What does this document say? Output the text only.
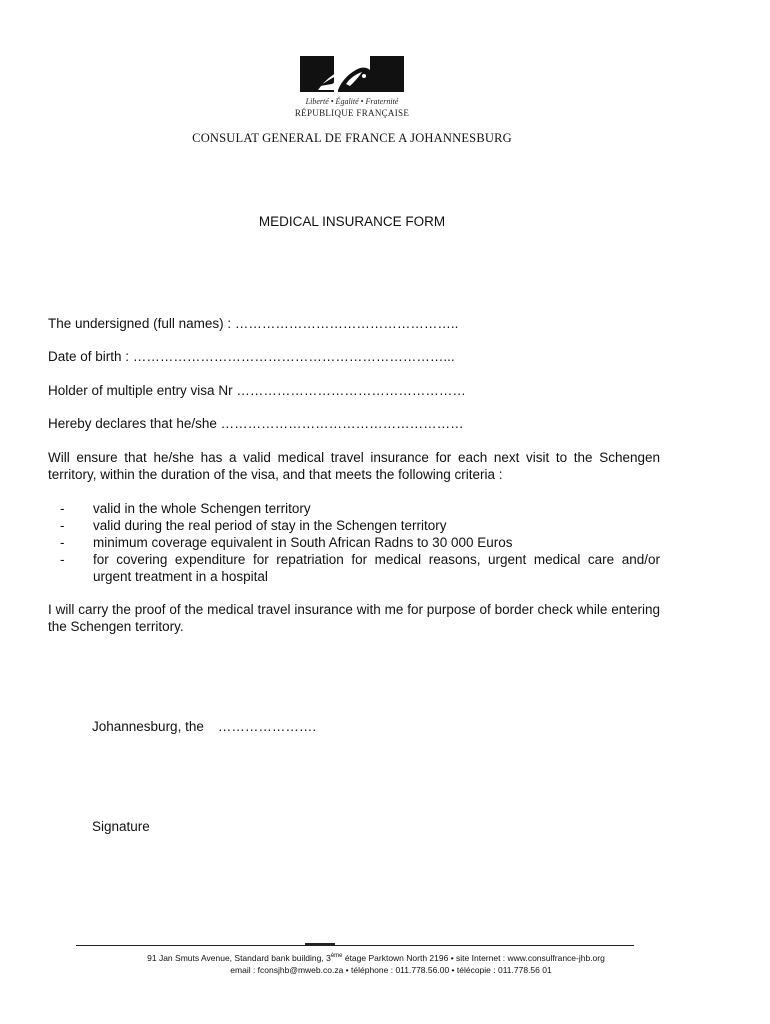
Liberté • Égalité • Fraternité
RÉPUBLIQUE FRANÇAISE
CONSULAT GENERAL DE FRANCE A JOHANNESBURG
MEDICAL INSURANCE FORM
The undersigned (full names) : …………………………………………..
Date of birth : ……………………………………………………………...
Holder of multiple entry visa Nr ……………………………………………
Hereby declares that he/she ………………………………………………
Will ensure that he/she has a valid medical travel insurance for each next visit to the Schengen territory, within the duration of the visa, and that meets the following criteria :
- valid in the whole Schengen territory
- valid during the real period of stay in the Schengen territory
- minimum coverage equivalent in South African Radns to 30 000 Euros
- for covering expenditure for repatriation for medical reasons, urgent medical care and/or urgent treatment in a hospital
I will carry the proof of the medical travel insurance with me for purpose of border check while entering the Schengen territory.
Johannesburg, the ………………….
Signature
91 Jan Smuts Avenue, Standard bank building, 3ème étage Parktown North 2196 • site Internet : www.consulfrance-jhb.org
email : fconsjhb@mweb.co.za • téléphone : 011.778.56.00 • télécopie : 011.778.56 01
